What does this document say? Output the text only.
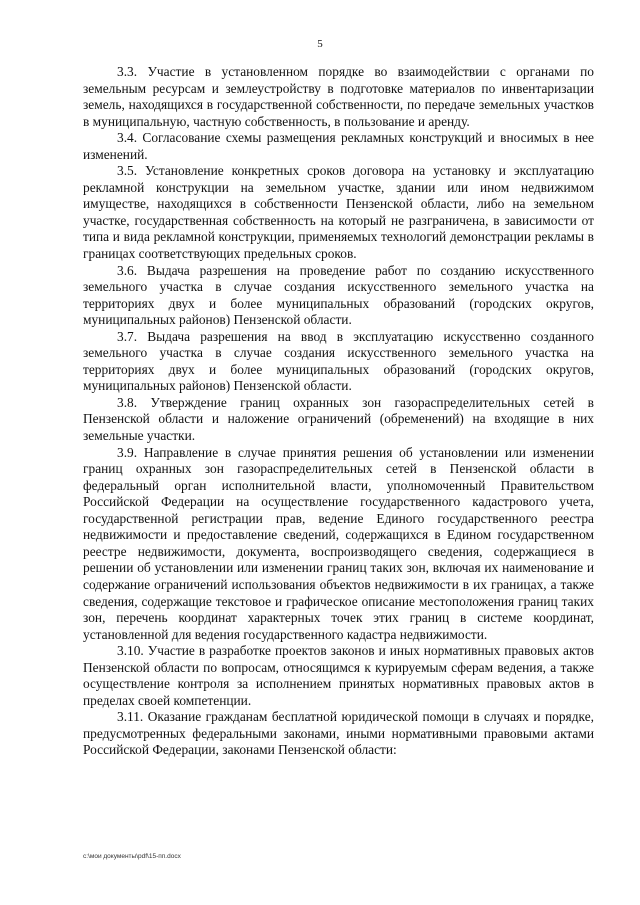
5

3.3. Участие в установленном порядке во взаимодействии с органами по земельным ресурсам и землеустройству в подготовке материалов по инвентаризации земель, находящихся в государственной собственности, по передаче земельных участков в муниципальную, частную собственность, в пользование и аренду.

3.4. Согласование схемы размещения рекламных конструкций и вносимых в нее изменений.

3.5. Установление конкретных сроков договора на установку и эксплуатацию рекламной конструкции на земельном участке, здании или ином недвижимом имуществе, находящихся в собственности Пензенской области, либо на земельном участке, государственная собственность на который не разграничена, в зависимости от типа и вида рекламной конструкции, применяемых технологий демонстрации рекламы в границах соответствующих предельных сроков.

3.6. Выдача разрешения на проведение работ по созданию искусственного земельного участка в случае создания искусственного земельного участка на территориях двух и более муниципальных образований (городских округов, муниципальных районов) Пензенской области.

3.7. Выдача разрешения на ввод в эксплуатацию искусственно созданного земельного участка в случае создания искусственного земельного участка на территориях двух и более муниципальных образований (городских округов, муниципальных районов) Пензенской области.

3.8. Утверждение границ охранных зон газораспределительных сетей в Пензенской области и наложение ограничений (обременений) на входящие в них земельные участки.

3.9. Направление в случае принятия решения об установлении или изменении границ охранных зон газораспределительных сетей в Пензенской области в федеральный орган исполнительной власти, уполномоченный Правительством Российской Федерации на осуществление государственного кадастрового учета, государственной регистрации прав, ведение Единого государственного реестра недвижимости и предоставление сведений, содержащихся в Едином государственном реестре недвижимости, документа, воспроизводящего сведения, содержащиеся в решении об установлении или изменении границ таких зон, включая их наименование и содержание ограничений использования объектов недвижимости в их границах, а также сведения, содержащие текстовое и графическое описание местоположения границ таких зон, перечень координат характерных точек этих границ в системе координат, установленной для ведения государственного кадастра недвижимости.

3.10. Участие в разработке проектов законов и иных нормативных правовых актов Пензенской области по вопросам, относящимся к курируемым сферам ведения, а также осуществление контроля за исполнением принятых нормативных правовых актов в пределах своей компетенции.

3.11. Оказание гражданам бесплатной юридической помощи в случаях и порядке, предусмотренных федеральными законами, иными нормативными правовыми актами Российской Федерации, законами Пензенской области:

c:\мои документы\pdf\15-пп.docx
